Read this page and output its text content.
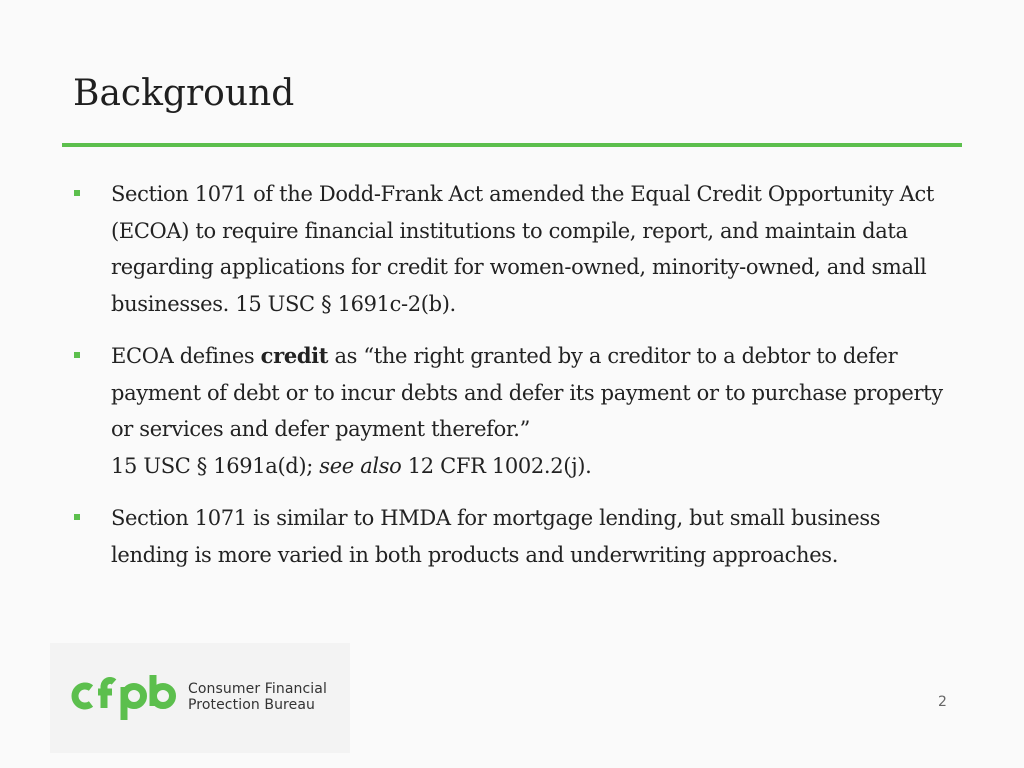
Background
Section 1071 of the Dodd-Frank Act amended the Equal Credit Opportunity Act (ECOA) to require financial institutions to compile, report, and maintain data regarding applications for credit for women-owned, minority-owned, and small businesses. 15 USC § 1691c-2(b).
ECOA defines credit as “the right granted by a creditor to a debtor to defer payment of debt or to incur debts and defer its payment or to purchase property or services and defer payment therefor.”
15 USC § 1691a(d); see also 12 CFR 1002.2(j).
Section 1071 is similar to HMDA for mortgage lending, but small business lending is more varied in both products and underwriting approaches.
Consumer Financial
Protection Bureau	2
